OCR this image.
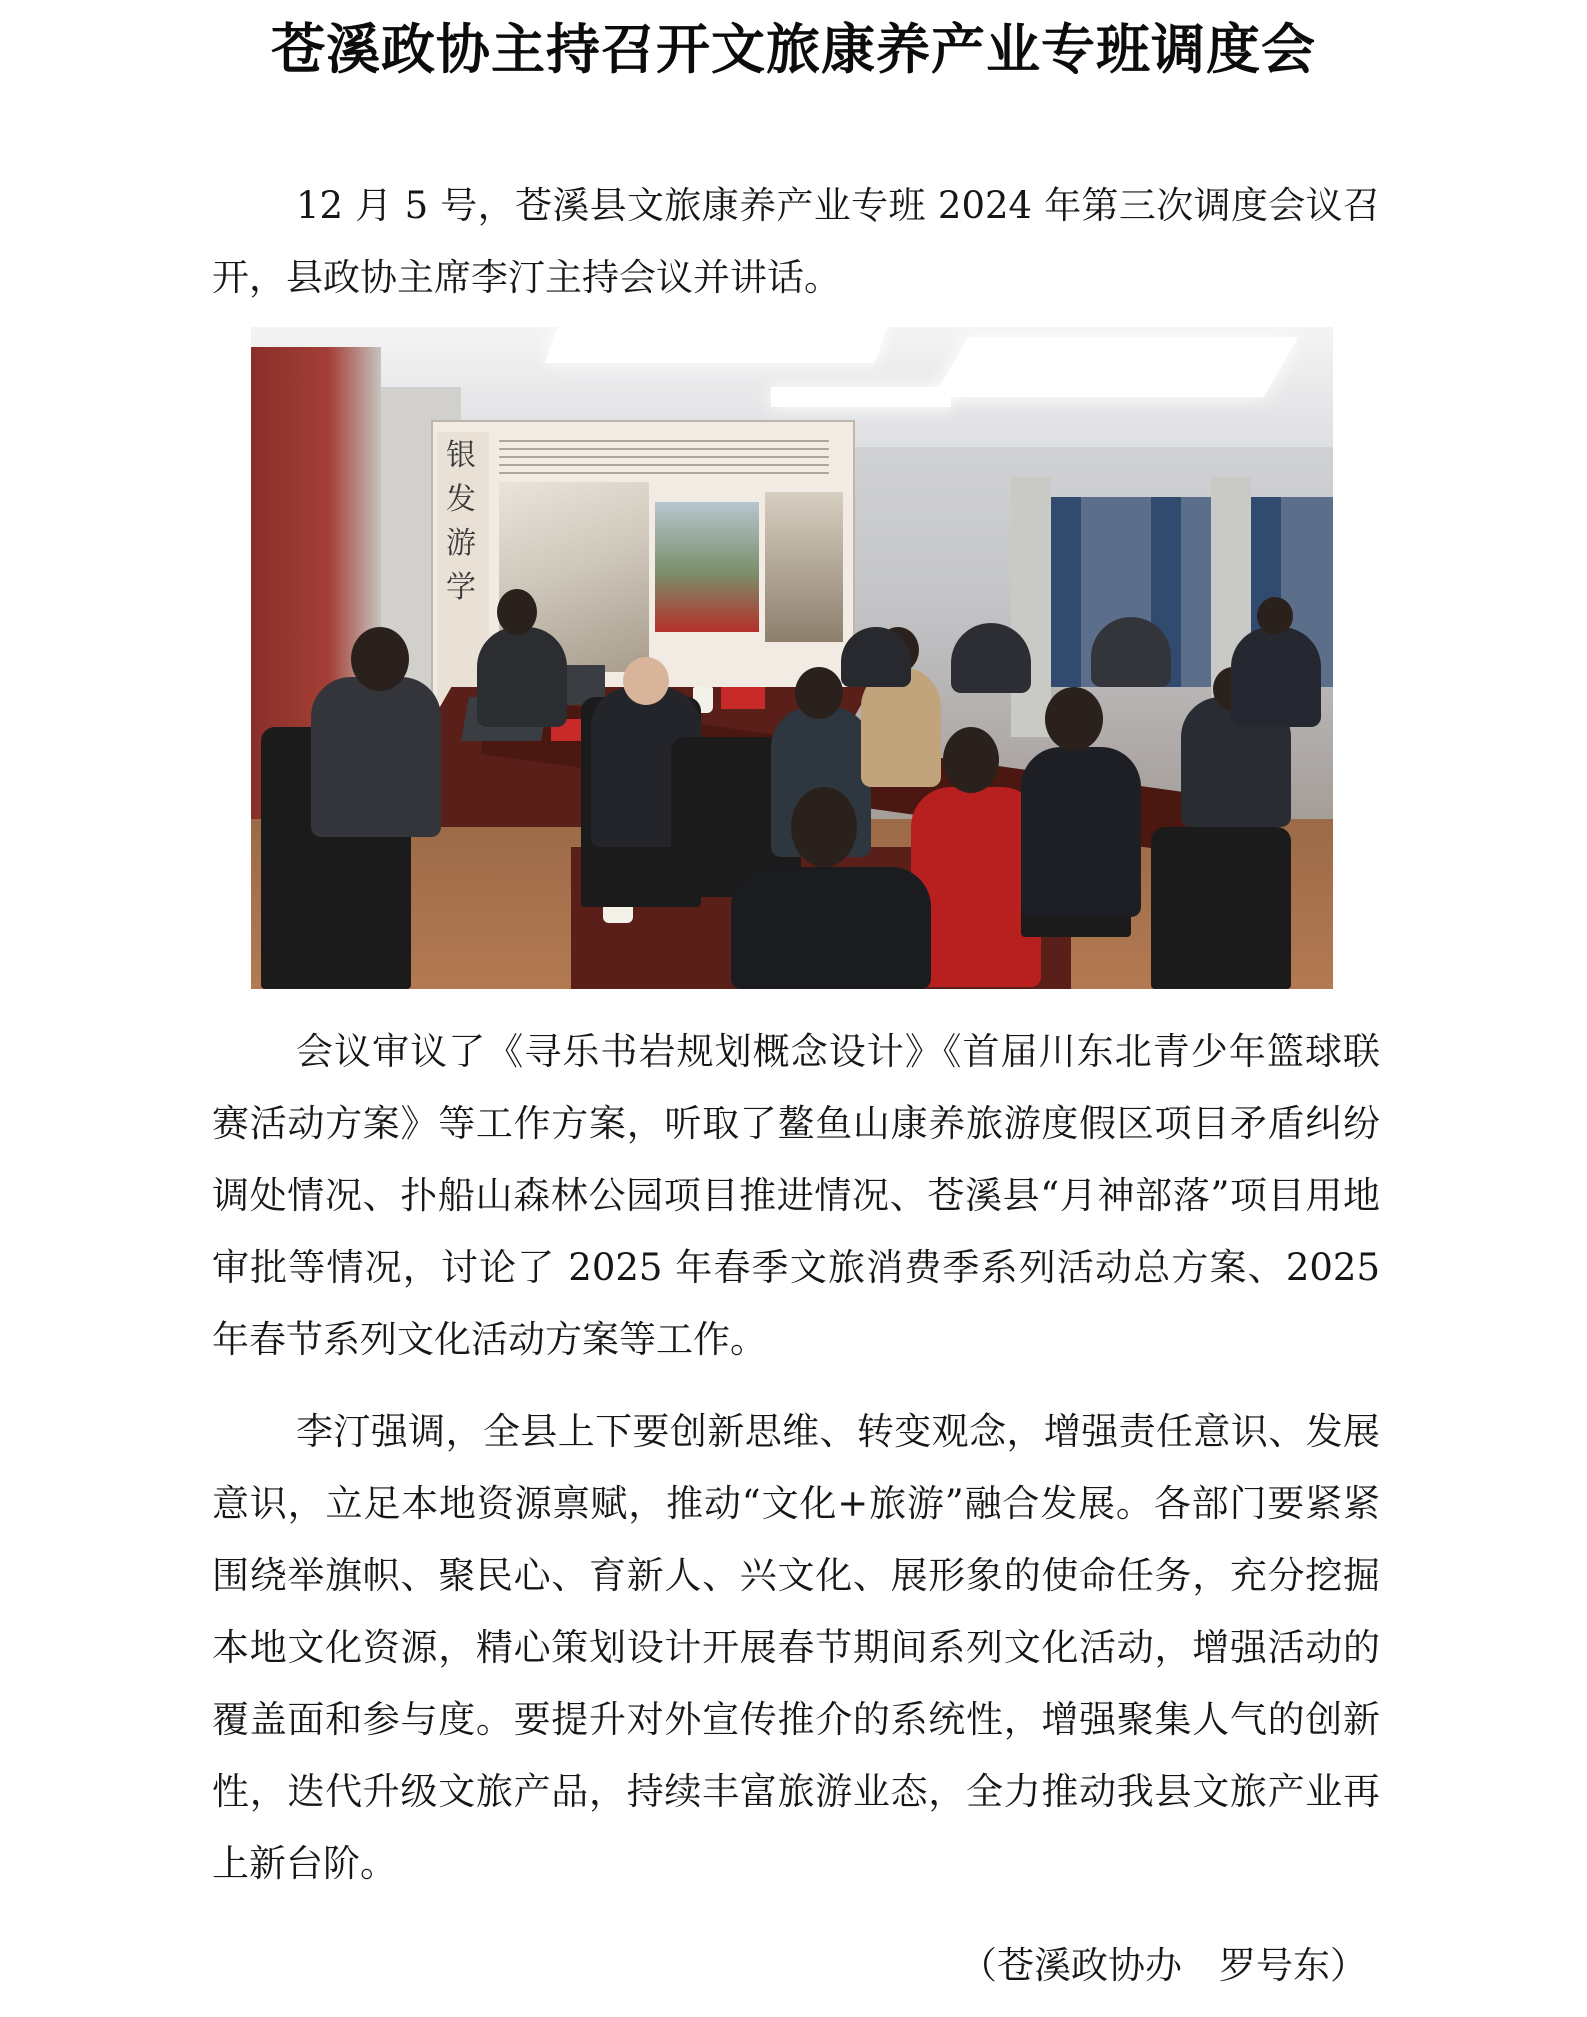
苍溪政协主持召开文旅康养产业专班调度会

12 月 5 号，苍溪县文旅康养产业专班 2024 年第三次调度会议召开，县政协主席李汀主持会议并讲话。

银
发
游
学

会议审议了《寻乐书岩规划概念设计》《首届川东北青少年篮球联赛活动方案》等工作方案，听取了鳌鱼山康养旅游度假区项目矛盾纠纷调处情况、扑船山森林公园项目推进情况、苍溪县“月神部落”项目用地审批等情况，讨论了 2025 年春季文旅消费季系列活动总方案、2025 年春节系列文化活动方案等工作。

李汀强调，全县上下要创新思维、转变观念，增强责任意识、发展意识，立足本地资源禀赋，推动“文化+旅游”融合发展。各部门要紧紧围绕举旗帜、聚民心、育新人、兴文化、展形象的使命任务，充分挖掘本地文化资源，精心策划设计开展春节期间系列文化活动，增强活动的覆盖面和参与度。要提升对外宣传推介的系统性，增强聚集人气的创新性，迭代升级文旅产品，持续丰富旅游业态，全力推动我县文旅产业再上新台阶。

（苍溪政协办　罗号东）
